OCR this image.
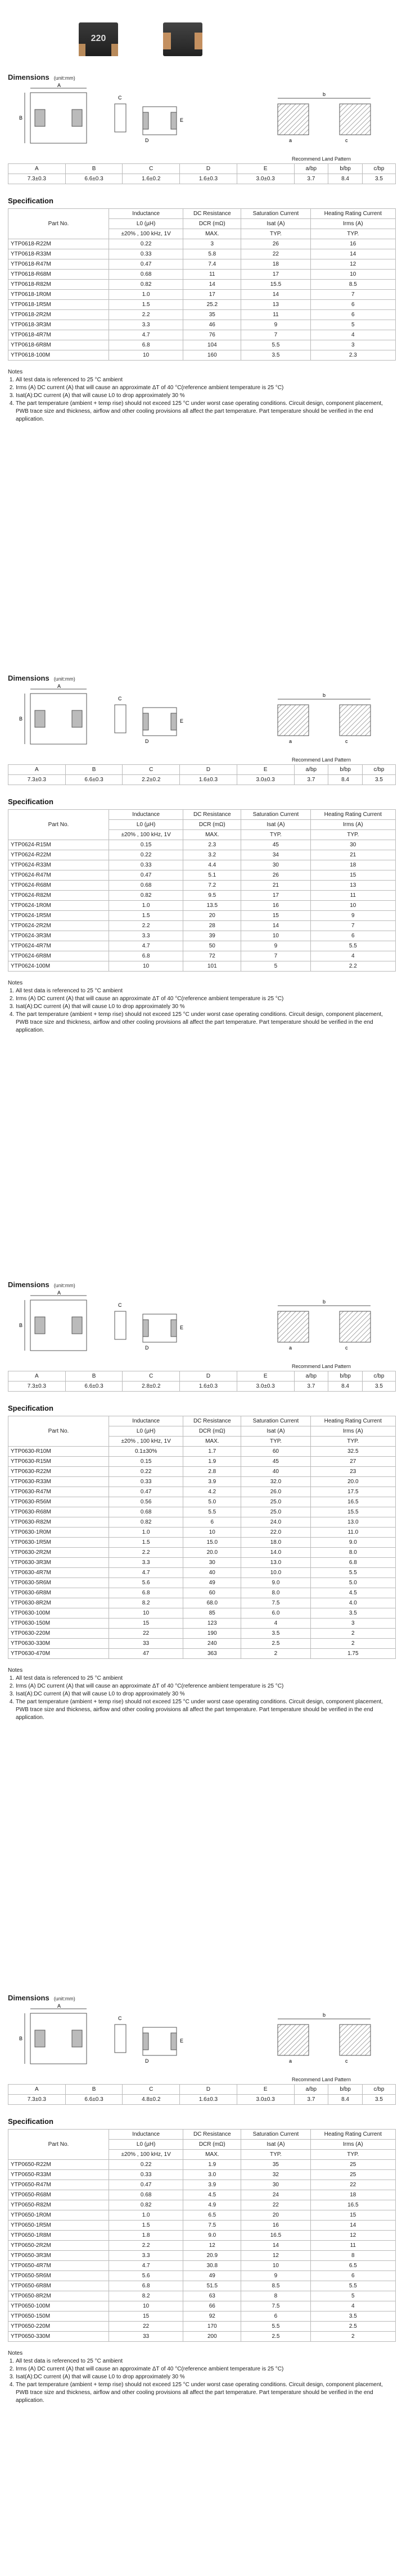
220
Dimensions (unit:mm)
A
B
C
D
E
b
a	c
Recommend Land Pattern
A	B	C	D	E	a/bp	b/bp	c/bp
7.3±0.3	6.6±0.3	1.6±0.2	1.6±0.3	3.0±0.3	3.7	8.4	3.5
Specification
Part No.	Inductance	DC Resistance	Saturation Current	Heating Rating Current
	L0 (µH)	DCR (mΩ)	Isat (A)	Irms (A)
	±20% , 100 kHz, 1V	MAX.	TYP.	TYP.
YTP0618-R22M	0.22	3	26	16
YTP0618-R33M	0.33	5.8	22	14
YTP0618-R47M	0.47	7.4	18	12
YTP0618-R68M	0.68	11	17	10
YTP0618-R82M	0.82	14	15.5	8.5
YTP0618-1R0M	1.0	17	14	7
YTP0618-1R5M	1.5	25.2	13	6
YTP0618-2R2M	2.2	35	11	6
YTP0618-3R3M	3.3	46	9	5
YTP0618-4R7M	4.7	76	7	4
YTP0618-6R8M	6.8	104	5.5	3
YTP0618-100M	10	160	3.5	2.3
Notes
1. All test data is referenced to 25 °C ambient
2. Irms (A) DC current (A) that will cause an approximate ΔT of 40 °C(reference ambient temperature is 25 °C)
3. Isat(A):DC current (A) that will cause L0 to drop approximately 30 %
4. The part temperature (ambient + temp rise) should not exceed 125 °C under worst case operating conditions. Circuit design, component placement, PWB trace size and thickness, airflow and other cooling provisions all affect the part temperature. Part temperature should be verified in the end application.
Dimensions (unit:mm)
A
B
C
D
E
b
a	c
Recommend Land Pattern
A	B	C	D	E	a/bp	b/bp	c/bp
7.3±0.3	6.6±0.3	2.2±0.2	1.6±0.3	3.0±0.3	3.7	8.4	3.5
Specification
Part No.	Inductance	DC Resistance	Saturation Current	Heating Rating Current
	L0 (µH)	DCR (mΩ)	Isat (A)	Irms (A)
	±20% , 100 kHz, 1V	MAX.	TYP.	TYP.
YTP0624-R15M	0.15	2.3	45	30
YTP0624-R22M	0.22	3.2	34	21
YTP0624-R33M	0.33	4.4	30	18
YTP0624-R47M	0.47	5.1	26	15
YTP0624-R68M	0.68	7.2	21	13
YTP0624-R82M	0.82	9.5	17	11
YTP0624-1R0M	1.0	13.5	16	10
YTP0624-1R5M	1.5	20	15	9
YTP0624-2R2M	2.2	28	14	7
YTP0624-3R3M	3.3	39	10	6
YTP0624-4R7M	4.7	50	9	5.5
YTP0624-6R8M	6.8	72	7	4
YTP0624-100M	10	101	5	2.2
Notes
1. All test data is referenced to 25 °C ambient
2. Irms (A) DC current (A) that will cause an approximate ΔT of 40 °C(reference ambient temperature is 25 °C)
3. Isat(A):DC current (A) that will cause L0 to drop approximately 30 %
4. The part temperature (ambient + temp rise) should not exceed 125 °C under worst case operating conditions. Circuit design, component placement, PWB trace size and thickness, airflow and other cooling provisions all affect the part temperature. Part temperature should be verified in the end application.
Dimensions (unit:mm)
A
B
C
D
E
b
a	c
Recommend Land Pattern
A	B	C	D	E	a/bp	b/bp	c/bp
7.3±0.3	6.6±0.3	2.8±0.2	1.6±0.3	3.0±0.3	3.7	8.4	3.5
Specification
Part No.	Inductance	DC Resistance	Saturation Current	Heating Rating Current
	L0 (µH)	DCR (mΩ)	Isat (A)	Irms (A)
	±20% , 100 kHz, 1V	MAX.	TYP.	TYP.
YTP0630-R10M	0.1±30%	1.7	60	32.5
YTP0630-R15M	0.15	1.9	45	27
YTP0630-R22M	0.22	2.8	40	23
YTP0630-R33M	0.33	3.9	32.0	20.0
YTP0630-R47M	0.47	4.2	26.0	17.5
YTP0630-R56M	0.56	5.0	25.0	16.5
YTP0630-R68M	0.68	5.5	25.0	15.5
YTP0630-R82M	0.82	6	24.0	13.0
YTP0630-1R0M	1.0	10	22.0	11.0
YTP0630-1R5M	1.5	15.0	18.0	9.0
YTP0630-2R2M	2.2	20.0	14.0	8.0
YTP0630-3R3M	3.3	30	13.0	6.8
YTP0630-4R7M	4.7	40	10.0	5.5
YTP0630-5R6M	5.6	49	9.0	5.0
YTP0630-6R8M	6.8	60	8.0	4.5
YTP0630-8R2M	8.2	68.0	7.5	4.0
YTP0630-100M	10	85	6.0	3.5
YTP0630-150M	15	123	4	3
YTP0630-220M	22	190	3.5	2
YTP0630-330M	33	240	2.5	2
YTP0630-470M	47	363	2	1.75
Notes
1. All test data is referenced to 25 °C ambient
2. Irms (A) DC current (A) that will cause an approximate ΔT of 40 °C(reference ambient temperature is 25 °C)
3. Isat(A):DC current (A) that will cause L0 to drop approximately 30 %
4. The part temperature (ambient + temp rise) should not exceed 125 °C under worst case operating conditions. Circuit design, component placement, PWB trace size and thickness, airflow and other cooling provisions all affect the part temperature. Part temperature should be verified in the end application.
Dimensions (unit:mm)
A
B
C
D
E
b
a	c
Recommend Land Pattern
A	B	C	D	E	a/bp	b/bp	c/bp
7.3±0.3	6.6±0.3	4.8±0.2	1.6±0.3	3.0±0.3	3.7	8.4	3.5
Specification
Part No.	Inductance	DC Resistance	Saturation Current	Heating Rating Current
	L0 (µH)	DCR (mΩ)	Isat (A)	Irms (A)
	±20% , 100 kHz, 1V	MAX.	TYP.	TYP.
YTP0650-R22M	0.22	1.9	35	25
YTP0650-R33M	0.33	3.0	32	25
YTP0650-R47M	0.47	3.9	30	22
YTP0650-R68M	0.68	4.5	24	18
YTP0650-R82M	0.82	4.9	22	16.5
YTP0650-1R0M	1.0	6.5	20	15
YTP0650-1R5M	1.5	7.5	16	14
YTP0650-1R8M	1.8	9.0	16.5	12
YTP0650-2R2M	2.2	12	14	11
YTP0650-3R3M	3.3	20.9	12	8
YTP0650-4R7M	4.7	30.8	10	6.5
YTP0650-5R6M	5.6	49	9	6
YTP0650-6R8M	6.8	51.5	8.5	5.5
YTP0650-8R2M	8.2	63	8	5
YTP0650-100M	10	66	7.5	4
YTP0650-150M	15	92	6	3.5
YTP0650-220M	22	170	5.5	2.5
YTP0650-330M	33	200	2.5	2
Notes
1. All test data is referenced to 25 °C ambient
2. Irms (A) DC current (A) that will cause an approximate ΔT of 40 °C(reference ambient temperature is 25 °C)
3. Isat(A):DC current (A) that will cause L0 to drop approximately 30 %
4. The part temperature (ambient + temp rise) should not exceed 125 °C under worst case operating conditions. Circuit design, component placement, PWB trace size and thickness, airflow and other cooling provisions all affect the part temperature. Part temperature should be verified in the end application.
